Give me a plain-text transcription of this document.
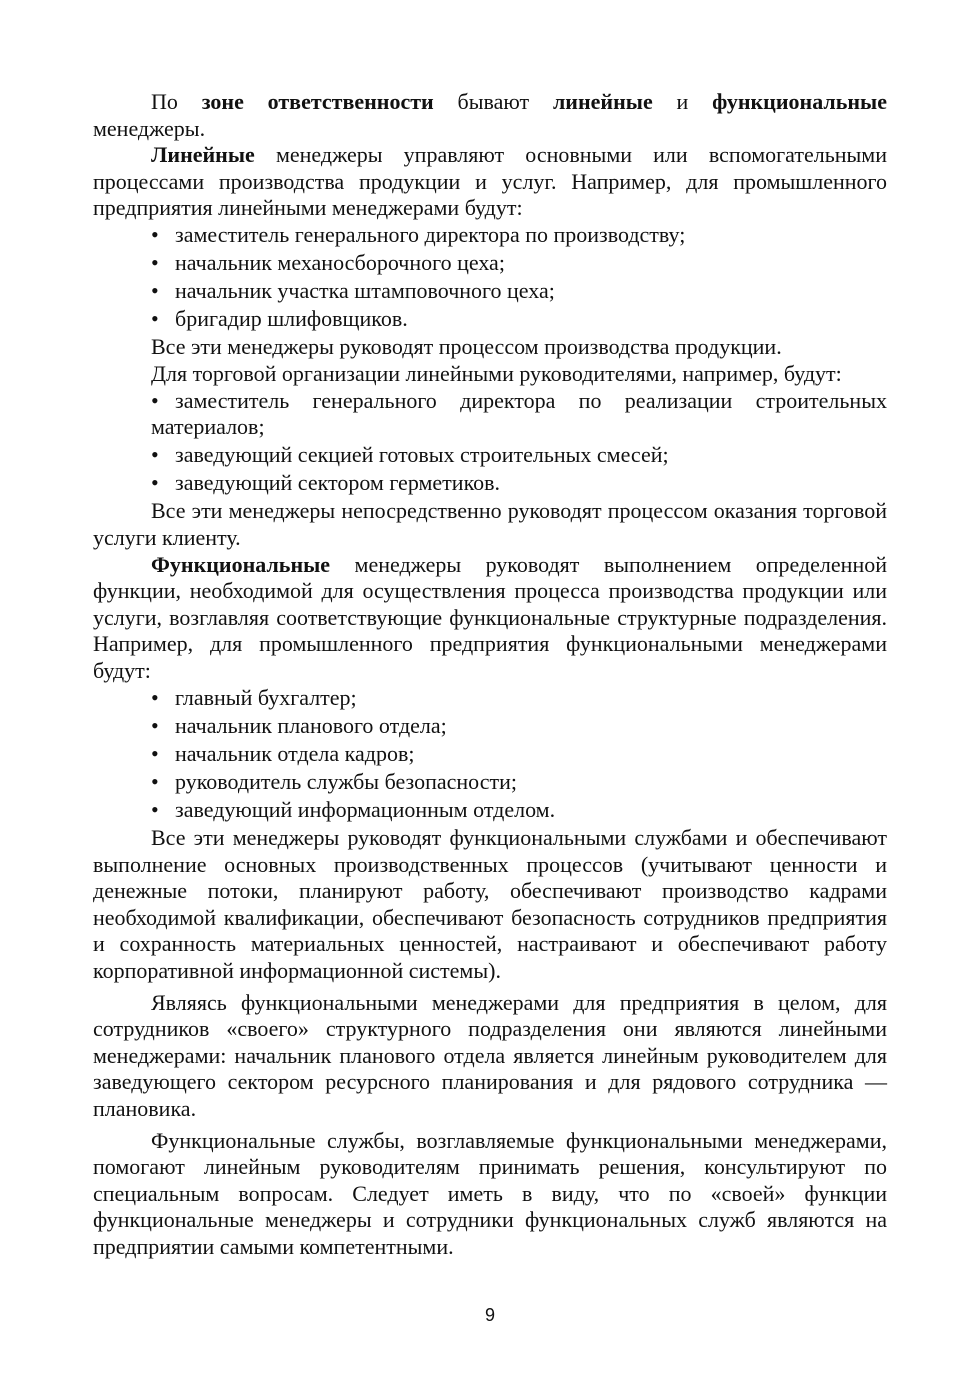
По зоне ответственности бывают линейные и функциональные менеджеры.

Линейные менеджеры управляют основными или вспомогательными процессами производства продукции и услуг. Например, для промышленного предприятия линейными менеджерами будут:

• заместитель генерального директора по производству;
• начальник механосборочного цеха;
• начальник участка штамповочного цеха;
• бригадир шлифовщиков.

Все эти менеджеры руководят процессом производства продукции.

Для торговой организации линейными руководителями, например, будут:

• заместитель генерального директора по реализации строительных материалов;
• заведующий секцией готовых строительных смесей;
• заведующий сектором герметиков.

Все эти менеджеры непосредственно руководят процессом оказания торговой услуги клиенту.

Функциональные менеджеры руководят выполнением определенной функции, необходимой для осуществления процесса производства продукции или услуги, возглавляя соответствующие функциональные структурные подразделения. Например, для промышленного предприятия функциональными менеджерами будут:

• главный бухгалтер;
• начальник планового отдела;
• начальник отдела кадров;
• руководитель службы безопасности;
• заведующий информационным отделом.

Все эти менеджеры руководят функциональными службами и обеспечивают выполнение основных производственных процессов (учитывают ценности и денежные потоки, планируют работу, обеспечивают производство кадрами необходимой квалификации, обеспечивают безопасность сотрудников предприятия и сохранность материальных ценностей, настраивают и обеспечивают работу корпоративной информационной системы).

Являясь функциональными менеджерами для предприятия в целом, для сотрудников «своего» структурного подразделения они являются линейными менеджерами: начальник планового отдела является линейным руководителем для заведующего сектором ресурсного планирования и для рядового сотрудника — плановика.

Функциональные службы, возглавляемые функциональными менеджерами, помогают линейным руководителям принимать решения, консультируют по специальным вопросам. Следует иметь в виду, что по «своей» функции функциональные менеджеры и сотрудники функциональных служб являются на предприятии самыми компетентными.

9
